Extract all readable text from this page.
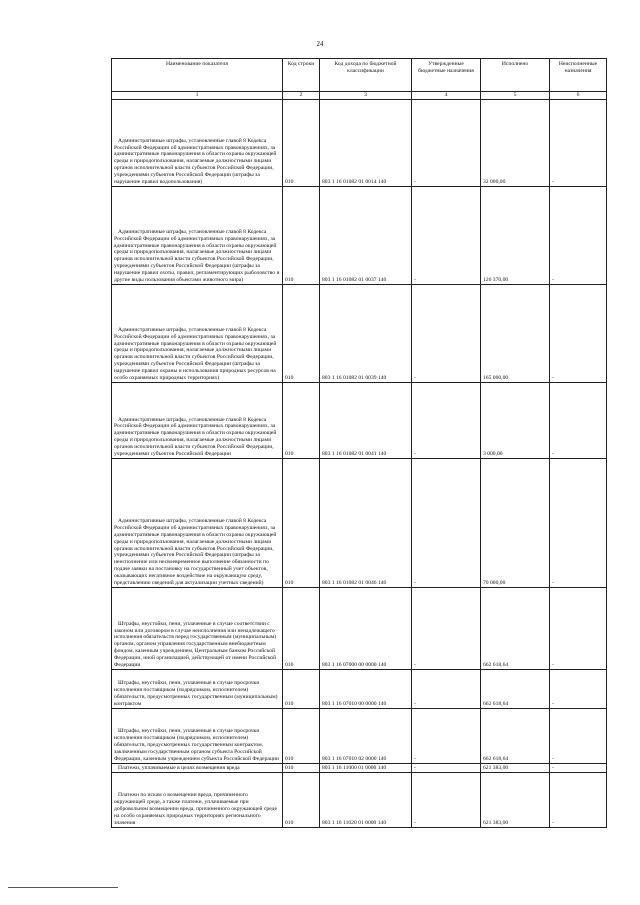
24
Наименование показателя	Код строки	Код дохода по бюджетной классификации	Утвержденные бюджетные назначения	Исполнено	Неисполненные назначения
1	2	3	4	5	6
Административные штрафы, установленные главой 8 Кодекса Российской Федерации об административных правонарушениях, за административные правонарушения в области охраны окружающей среды и природопользования, налагаемые должностными лицами органов исполнительной власти субъектов Российской Федерации, учреждениями субъектов Российской Федерации (штрафы за нарушение правил водопользования)	010	803 1 16 01082 01 0014 140	-	32 000,00	-
Административные штрафы, установленные главой 8 Кодекса Российской Федерации об административных правонарушениях, за административные правонарушения в области охраны окружающей среды и природопользования, налагаемые должностными лицами органов исполнительной власти субъектов Российской Федерации, учреждениями субъектов Российской Федерации (штрафы за нарушение правил охоты, правил, регламентирующих рыболовство и другие виды пользования объектами животного мира)	010	803 1 16 01082 01 0037 140	-	126 370,00	-
Административные штрафы, установленные главой 8 Кодекса Российской Федерации об административных правонарушениях, за административные правонарушения в области охраны окружающей среды и природопользования, налагаемые должностными лицами органов исполнительной власти субъектов Российской Федерации, учреждениями субъектов Российской Федерации (штрафы за нарушение правил охраны и использования природных ресурсов на особо охраняемых природных территориях)	010	803 1 16 01082 01 0039 140	-	165 000,00	-
Административные штрафы, установленные главой 8 Кодекса Российской Федерации об административных правонарушениях, за административные правонарушения в области охраны окружающей среды и природопользования, налагаемые должностными лицами органов исполнительной власти субъектов Российской Федерации, учреждениями субъектов Российской Федерации	010	803 1 16 01082 01 0041 140	-	3 000,00	-
Административные штрафы, установленные главой 8 Кодекса Российской Федерации об административных правонарушениях, за административные правонарушения в области охраны окружающей среды и природопользования, налагаемые должностными лицами органов исполнительной власти субъектов Российской Федерации, учреждениями субъектов Российской Федерации (штрафы за неисполнение или несвоевременное выполнение обязанности по подаче заявки на постановку на государственный учет объектов, оказывающих негативное воздействие на окружающую среду, представлению сведений для актуализации учетных сведений)	010	803 1 16 01082 01 0046 140	-	70 000,00	-
Штрафы, неустойки, пени, уплаченные в случае соответствии с законом или договором в случае неисполнения или ненадлежащего исполнения обязательств перед государственным (муниципальным) органом, органом управления государственным внебюджетным фондом, казенным учреждением, Центральным банком Российской Федерации, иной организацией, действующей от имени Российской Федерации	010	803 1 16 07000 00 0000 140	-	662 618,64	-
Штрафы, неустойки, пени, уплаченные в случае просрочки исполнения поставщиком (подрядчиком, исполнителем) обязательств, предусмотренных государственным (муниципальным) контрактом	010	803 1 16 07010 00 0000 140	-	662 618,64	-
Штрафы, неустойки, пени, уплаченные в случае просрочки исполнения поставщиком (подрядчиком, исполнителем) обязательств, предусмотренных государственным контрактом, заключенным государственным органом субъекта Российской Федерации, казенным учреждением субъекта Российской Федерации	010	803 1 16 07010 02 0000 140	-	662 618,64	-
Платежи, уплачиваемые в целях возмещения вреда	010	803 1 16 11000 01 0000 140	-	621 383,00	-
Платежи по искам о возмещении вреда, причиненного окружающей среде, а также платежи, уплачиваемые при добровольном возмещении вреда, причиненного окружающей среде на особо охраняемых природных территориях регионального значения	010	803 1 16 11020 01 0000 140	-	621 383,00	-
